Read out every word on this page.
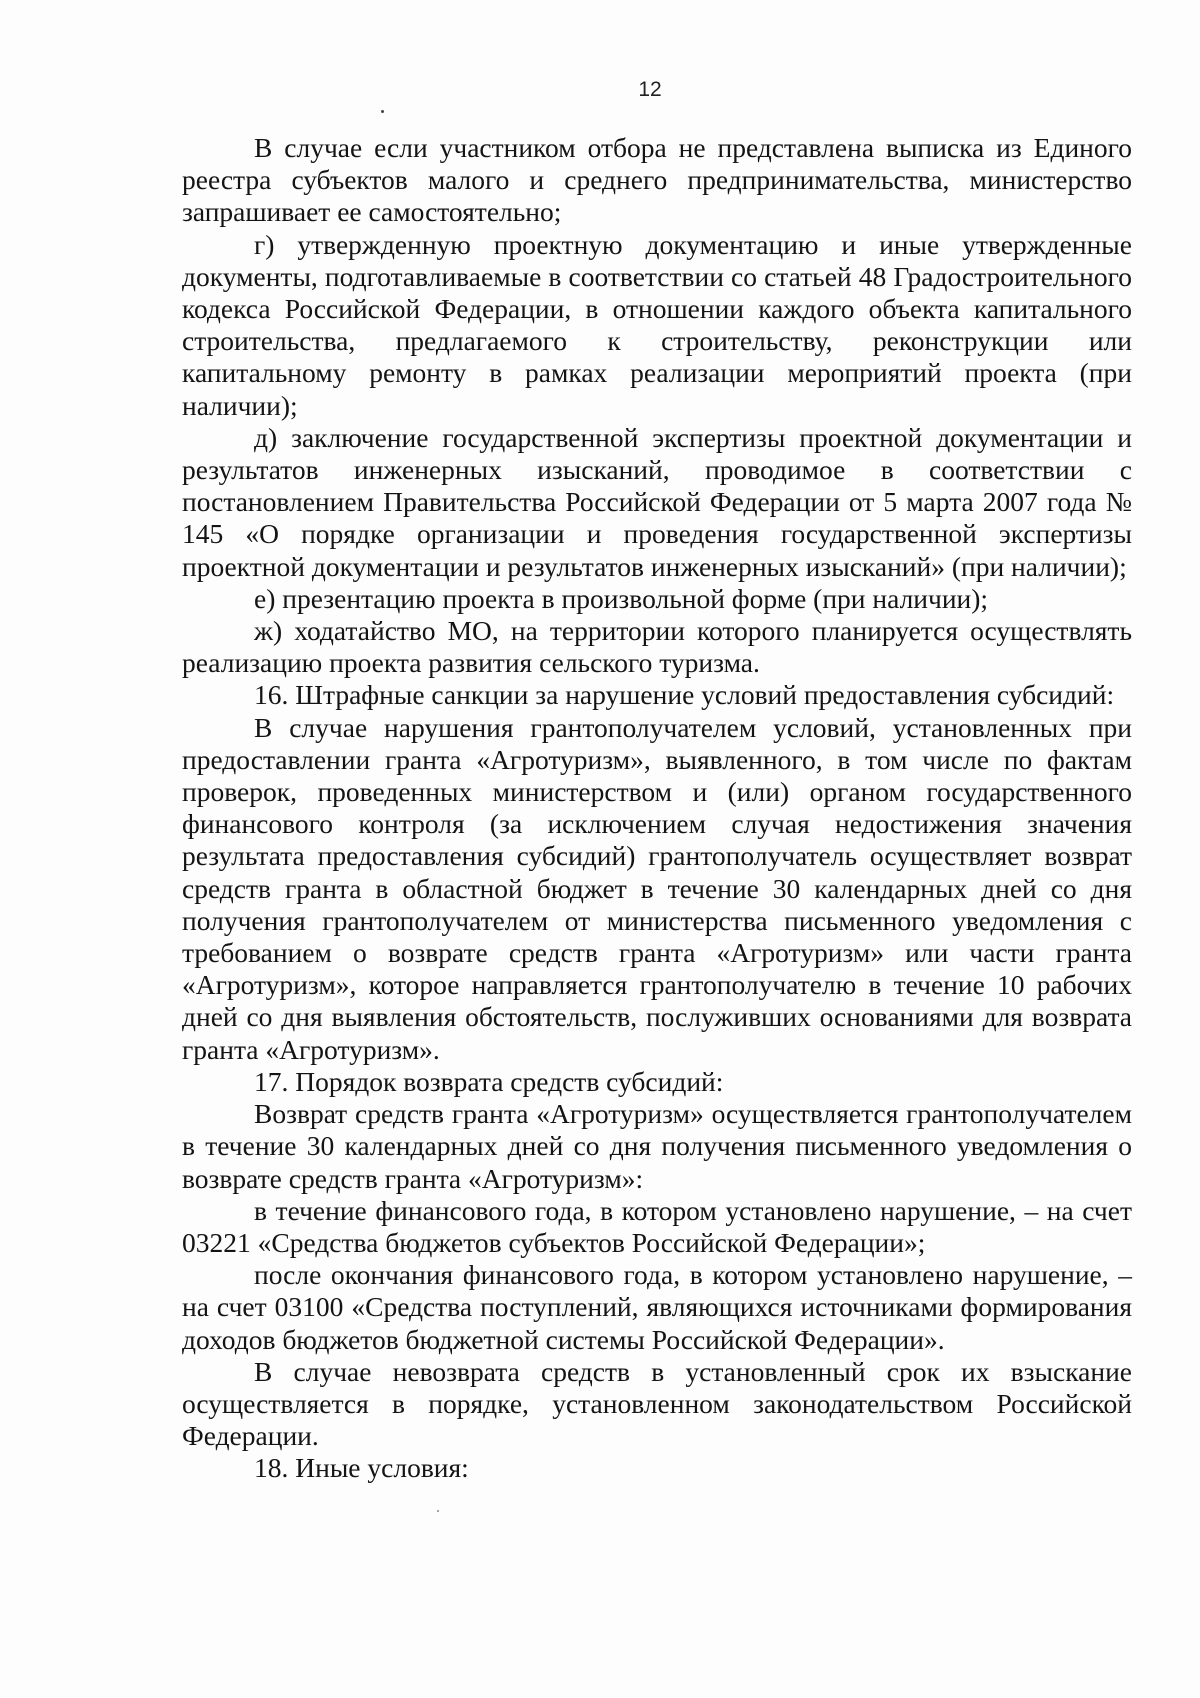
12

В случае если участником отбора не представлена выписка из Единого реестра субъектов малого и среднего предпринимательства, министерство запрашивает ее самостоятельно;

г) утвержденную проектную документацию и иные утвержденные документы, подготавливаемые в соответствии со статьей 48 Градостроительного кодекса Российской Федерации, в отношении каждого объекта капитального строительства, предлагаемого к строительству, реконструкции или капитальному ремонту в рамках реализации мероприятий проекта (при наличии);

д) заключение государственной экспертизы проектной документации и результатов инженерных изысканий, проводимое в соответствии с постановлением Правительства Российской Федерации от 5 марта 2007 года № 145 «О порядке организации и проведения государственной экспертизы проектной документации и результатов инженерных изысканий» (при наличии);

е) презентацию проекта в произвольной форме (при наличии);

ж) ходатайство МО, на территории которого планируется осуществлять реализацию проекта развития сельского туризма.

16. Штрафные санкции за нарушение условий предоставления субсидий:

В случае нарушения грантополучателем условий, установленных при предоставлении гранта «Агротуризм», выявленного, в том числе по фактам проверок, проведенных министерством и (или) органом государственного финансового контроля (за исключением случая недостижения значения результата предоставления субсидий) грантополучатель осуществляет возврат средств гранта в областной бюджет в течение 30 календарных дней со дня получения грантополучателем от министерства письменного уведомления с требованием о возврате средств гранта «Агротуризм» или части гранта «Агротуризм», которое направляется грантополучателю в течение 10 рабочих дней со дня выявления обстоятельств, послуживших основаниями для возврата гранта «Агротуризм».

17. Порядок возврата средств субсидий:

Возврат средств гранта «Агротуризм» осуществляется грантополучателем в течение 30 календарных дней со дня получения письменного уведомления о возврате средств гранта «Агротуризм»:

в течение финансового года, в котором установлено нарушение, – на счет 03221 «Средства бюджетов субъектов Российской Федерации»;

после окончания финансового года, в котором установлено нарушение, – на счет 03100 «Средства поступлений, являющихся источниками формирования доходов бюджетов бюджетной системы Российской Федерации».

В случае невозврата средств в установленный срок их взыскание осуществляется в порядке, установленном законодательством Российской Федерации.

18. Иные условия:
